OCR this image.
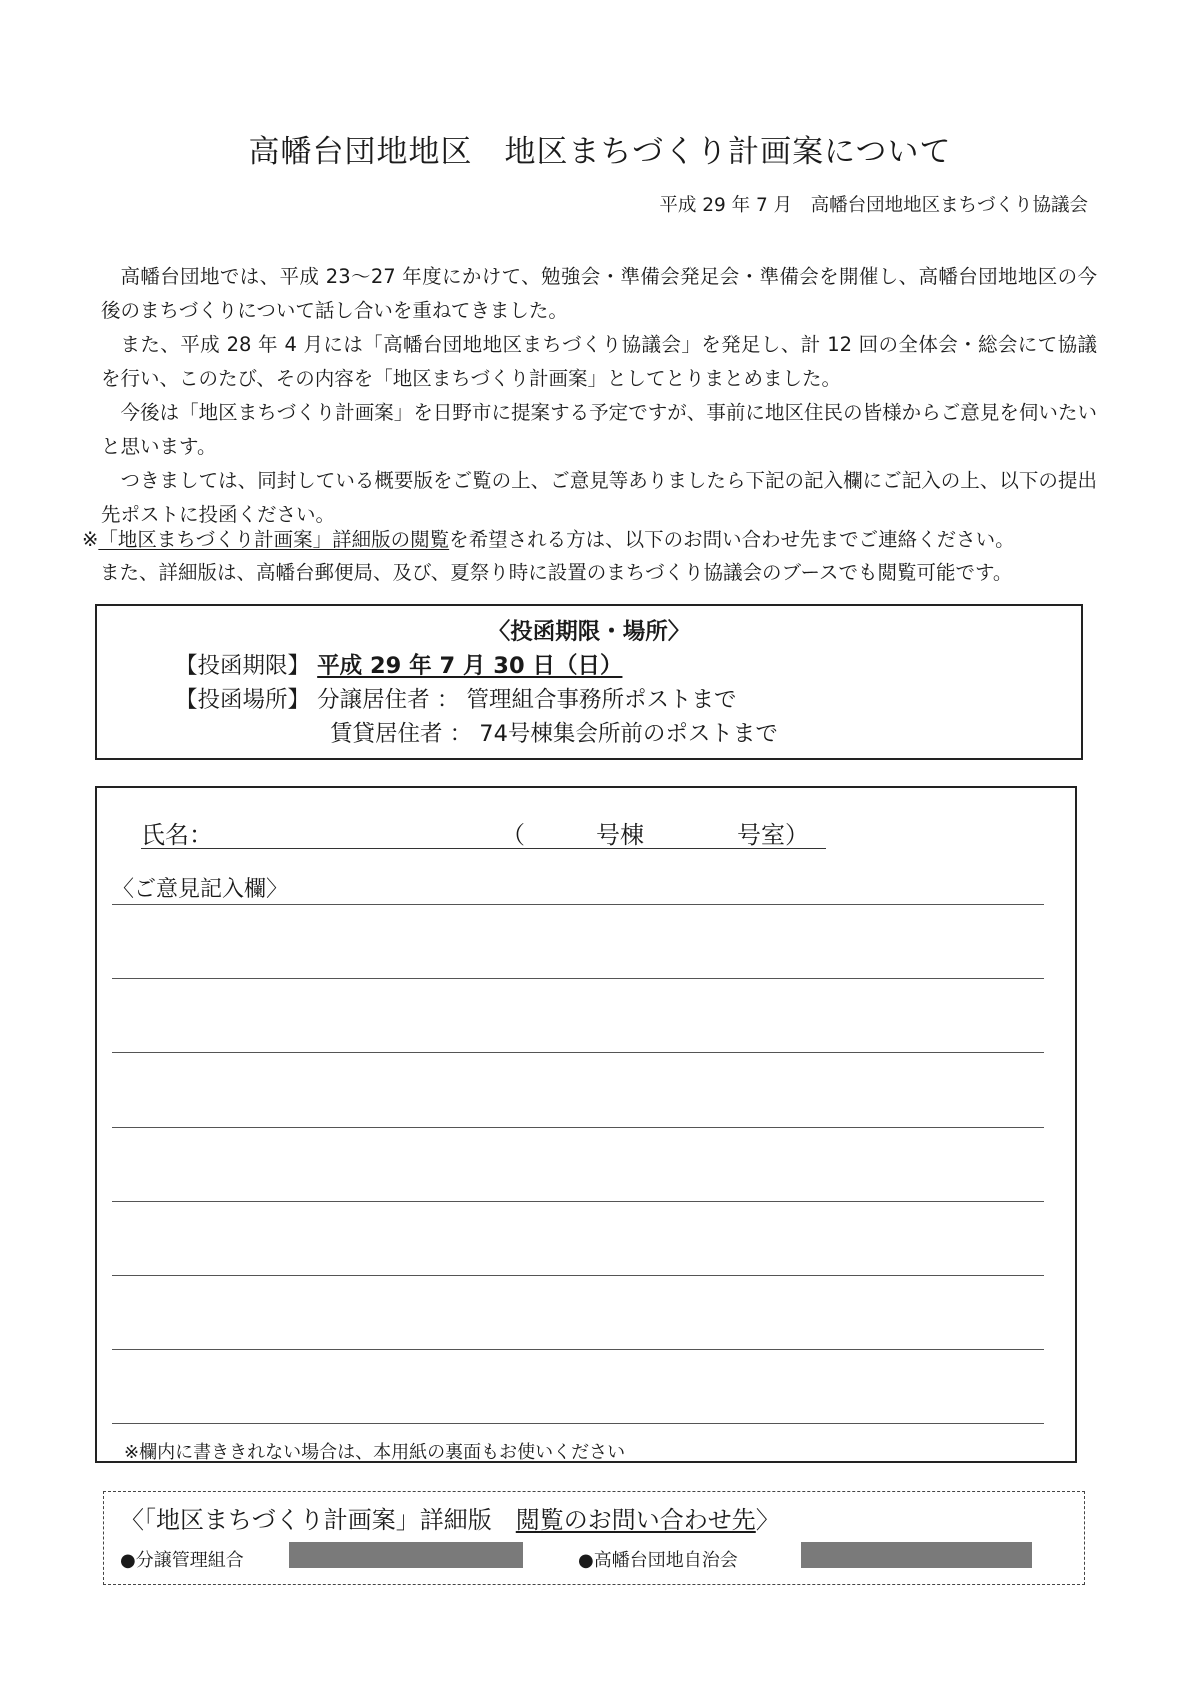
高幡台団地地区　地区まちづくり計画案について
平成 29 年 7 月　高幡台団地地区まちづくり協議会

高幡台団地では、平成 23〜27 年度にかけて、勉強会・準備会発足会・準備会を開催し、高幡台団地地区の今後のまちづくりについて話し合いを重ねてきました。

また、平成 28 年 4 月には「高幡台団地地区まちづくり協議会」を発足し、計 12 回の全体会・総会にて協議を行い、このたび、その内容を「地区まちづくり計画案」としてとりまとめました。

今後は「地区まちづくり計画案」を日野市に提案する予定ですが、事前に地区住民の皆様からご意見を伺いたいと思います。

つきましては、同封している概要版をご覧の上、ご意見等ありましたら下記の記入欄にご記入の上、以下の提出先ポストに投函ください。

※「地区まちづくり計画案」詳細版の閲覧を希望される方は、以下のお問い合わせ先までご連絡ください。
また、詳細版は、高幡台郵便局、及び、夏祭り時に設置のまちづくり協議会のブースでも閲覧可能です。
〈投函期限・場所〉
【投函期限】 平成 29 年 7 月 30 日（日）
【投函場所】 分譲居住者 ： 管理組合事務所ポストまで
賃貸居住者 ： 74号棟集会所前のポストまで
氏名：	（	号棟	号室）
〈ご意見記入欄〉
※欄内に書ききれない場合は、本用紙の裏面もお使いください
〈「地区まちづくり計画案」詳細版　閲覧のお問い合わせ先〉
●分譲管理組合	●高幡台団地自治会
